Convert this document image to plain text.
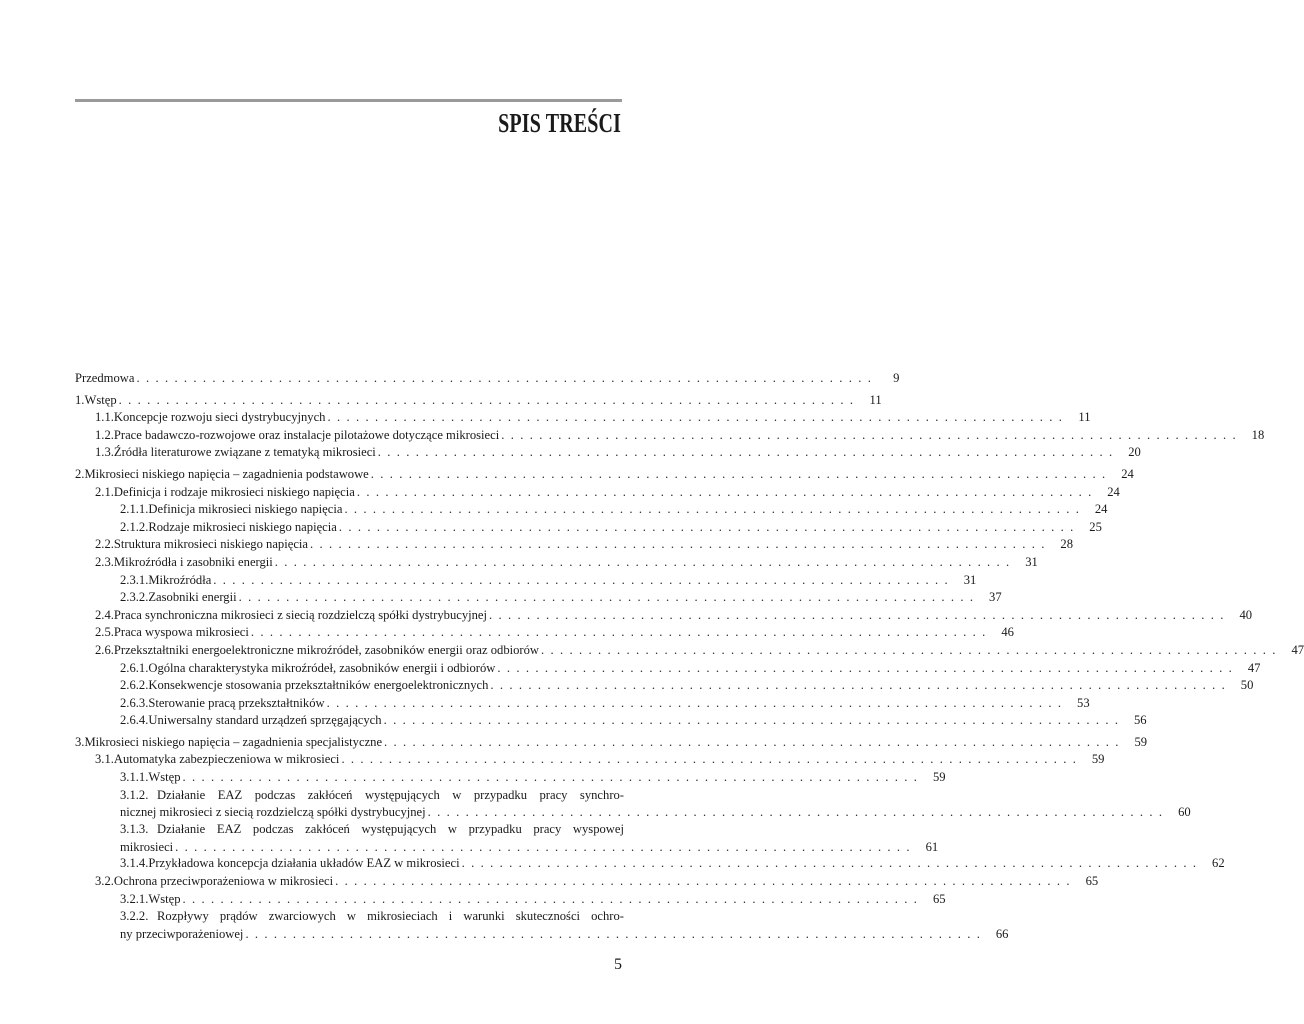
SPIS TREŚCI
Przedmowa . . . . . . . . . . . . . . . . . . . . . . . . . . . . . . . . . . . . . . . . . . . . . . . . . . . . . . . . . . . . . . . . . . . . . . . . . . . . . .	9
1. Wstęp . . . . . . . . . . . . . . . . . . . . . . . . . . . . . . . . . . . . . . . . . . . . . . . . . . . . . . . . . . . . . . . . . . . . . . . . . . . . . .	11
1.1. Koncepcje rozwoju sieci dystrybucyjnych . . . . . . . . . . . . . . . . . . . . . . . . . . . . . . . . . . . . . . . . . . . . . . . . . . . . . . . . . . . . . . . . . . . . . . . . . . . . . .	11
1.2. Prace badawczo-rozwojowe oraz instalacje pilotażowe dotyczące mikrosieci . . . . . . . . . . . . . . . . . . . . . . . . . . . . . . . . . . . . . . . . . . . . . . . . . . . . . . . . . . . . . . . . . . . . . . . . . . . . . .	18
1.3. Źródła literaturowe związane z tematyką mikrosieci . . . . . . . . . . . . . . . . . . . . . . . . . . . . . . . . . . . . . . . . . . . . . . . . . . . . . . . . . . . . . . . . . . . . . . . . . . . . . .	20
2. Mikrosieci niskiego napięcia – zagadnienia podstawowe . . . . . . . . . . . . . . . . . . . . . . . . . . . . . . . . . . . . . . . . . . . . . . . . . . . . . . . . . . . . . . . . . . . . . . . . . . . . . .	24
2.1. Definicja i rodzaje mikrosieci niskiego napięcia . . . . . . . . . . . . . . . . . . . . . . . . . . . . . . . . . . . . . . . . . . . . . . . . . . . . . . . . . . . . . . . . . . . . . . . . . . . . . .	24
2.1.1. Definicja mikrosieci niskiego napięcia . . . . . . . . . . . . . . . . . . . . . . . . . . . . . . . . . . . . . . . . . . . . . . . . . . . . . . . . . . . . . . . . . . . . . . . . . . . . . .	24
2.1.2. Rodzaje mikrosieci niskiego napięcia . . . . . . . . . . . . . . . . . . . . . . . . . . . . . . . . . . . . . . . . . . . . . . . . . . . . . . . . . . . . . . . . . . . . . . . . . . . . . .	25
2.2. Struktura mikrosieci niskiego napięcia . . . . . . . . . . . . . . . . . . . . . . . . . . . . . . . . . . . . . . . . . . . . . . . . . . . . . . . . . . . . . . . . . . . . . . . . . . . . . .	28
2.3. Mikroźródła i zasobniki energii . . . . . . . . . . . . . . . . . . . . . . . . . . . . . . . . . . . . . . . . . . . . . . . . . . . . . . . . . . . . . . . . . . . . . . . . . . . . . .	31
2.3.1. Mikroźródła . . . . . . . . . . . . . . . . . . . . . . . . . . . . . . . . . . . . . . . . . . . . . . . . . . . . . . . . . . . . . . . . . . . . . . . . . . . . . .	31
2.3.2. Zasobniki energii . . . . . . . . . . . . . . . . . . . . . . . . . . . . . . . . . . . . . . . . . . . . . . . . . . . . . . . . . . . . . . . . . . . . . . . . . . . . . .	37
2.4. Praca synchroniczna mikrosieci z siecią rozdzielczą spółki dystrybucyjnej . . . . . . . . . . . . . . . . . . . . . . . . . . . . . . . . . . . . . . . . . . . . . . . . . . . . . . . . . . . . . . . . . . . . . . . . . . . . . .	40
2.5. Praca wyspowa mikrosieci . . . . . . . . . . . . . . . . . . . . . . . . . . . . . . . . . . . . . . . . . . . . . . . . . . . . . . . . . . . . . . . . . . . . . . . . . . . . . .	46
2.6. Przekształtniki energoelektroniczne mikroźródeł, zasobników energii oraz odbiorów . . . . . . . . . . . . . . . . . . . . . . . . . . . . . . . . . . . . . . . . . . . . . . . . . . . . . . . . . . . . . . . . . . . . . . . . . . . . . .	47
2.6.1. Ogólna charakterystyka mikroźródeł, zasobników energii i odbiorów . . . . . . . . . . . . . . . . . . . . . . . . . . . . . . . . . . . . . . . . . . . . . . . . . . . . . . . . . . . . . . . . . . . . . . . . . . . . . .	47
2.6.2. Konsekwencje stosowania przekształtników energoelektronicznych . . . . . . . . . . . . . . . . . . . . . . . . . . . . . . . . . . . . . . . . . . . . . . . . . . . . . . . . . . . . . . . . . . . . . . . . . . . . . .	50
2.6.3. Sterowanie pracą przekształtników . . . . . . . . . . . . . . . . . . . . . . . . . . . . . . . . . . . . . . . . . . . . . . . . . . . . . . . . . . . . . . . . . . . . . . . . . . . . . .	53
2.6.4. Uniwersalny standard urządzeń sprzęgających . . . . . . . . . . . . . . . . . . . . . . . . . . . . . . . . . . . . . . . . . . . . . . . . . . . . . . . . . . . . . . . . . . . . . . . . . . . . . .	56
3. Mikrosieci niskiego napięcia – zagadnienia specjalistyczne . . . . . . . . . . . . . . . . . . . . . . . . . . . . . . . . . . . . . . . . . . . . . . . . . . . . . . . . . . . . . . . . . . . . . . . . . . . . . .	59
3.1. Automatyka zabezpieczeniowa w mikrosieci . . . . . . . . . . . . . . . . . . . . . . . . . . . . . . . . . . . . . . . . . . . . . . . . . . . . . . . . . . . . . . . . . . . . . . . . . . . . . .	59
3.1.1. Wstęp . . . . . . . . . . . . . . . . . . . . . . . . . . . . . . . . . . . . . . . . . . . . . . . . . . . . . . . . . . . . . . . . . . . . . . . . . . . . . .	59
3.1.2. Działanie EAZ podczas zakłóceń występujących w przypadku pracy synchro-
nicznej mikrosieci z siecią rozdzielczą spółki dystrybucyjnej . . . . . . . . . . . . . . . . . . . . . . . . . . . . . . . . . . . . . . . . . . . . . . . . . . . . . . . . . . . . . . . . . . . . . . . . . . . . . .	60
3.1.3. Działanie EAZ podczas zakłóceń występujących w przypadku pracy wyspowej
mikrosieci . . . . . . . . . . . . . . . . . . . . . . . . . . . . . . . . . . . . . . . . . . . . . . . . . . . . . . . . . . . . . . . . . . . . . . . . . . . . . .	61
3.1.4. Przykładowa koncepcja działania układów EAZ w mikrosieci . . . . . . . . . . . . . . . . . . . . . . . . . . . . . . . . . . . . . . . . . . . . . . . . . . . . . . . . . . . . . . . . . . . . . . . . . . . . . .	62
3.2. Ochrona przeciwporażeniowa w mikrosieci . . . . . . . . . . . . . . . . . . . . . . . . . . . . . . . . . . . . . . . . . . . . . . . . . . . . . . . . . . . . . . . . . . . . . . . . . . . . . .	65
3.2.1. Wstęp . . . . . . . . . . . . . . . . . . . . . . . . . . . . . . . . . . . . . . . . . . . . . . . . . . . . . . . . . . . . . . . . . . . . . . . . . . . . . .	65
3.2.2. Rozpływy prądów zwarciowych w mikrosieciach i warunki skuteczności ochro-
ny przeciwporażeniowej . . . . . . . . . . . . . . . . . . . . . . . . . . . . . . . . . . . . . . . . . . . . . . . . . . . . . . . . . . . . . . . . . . . . . . . . . . . . . .	66
5
